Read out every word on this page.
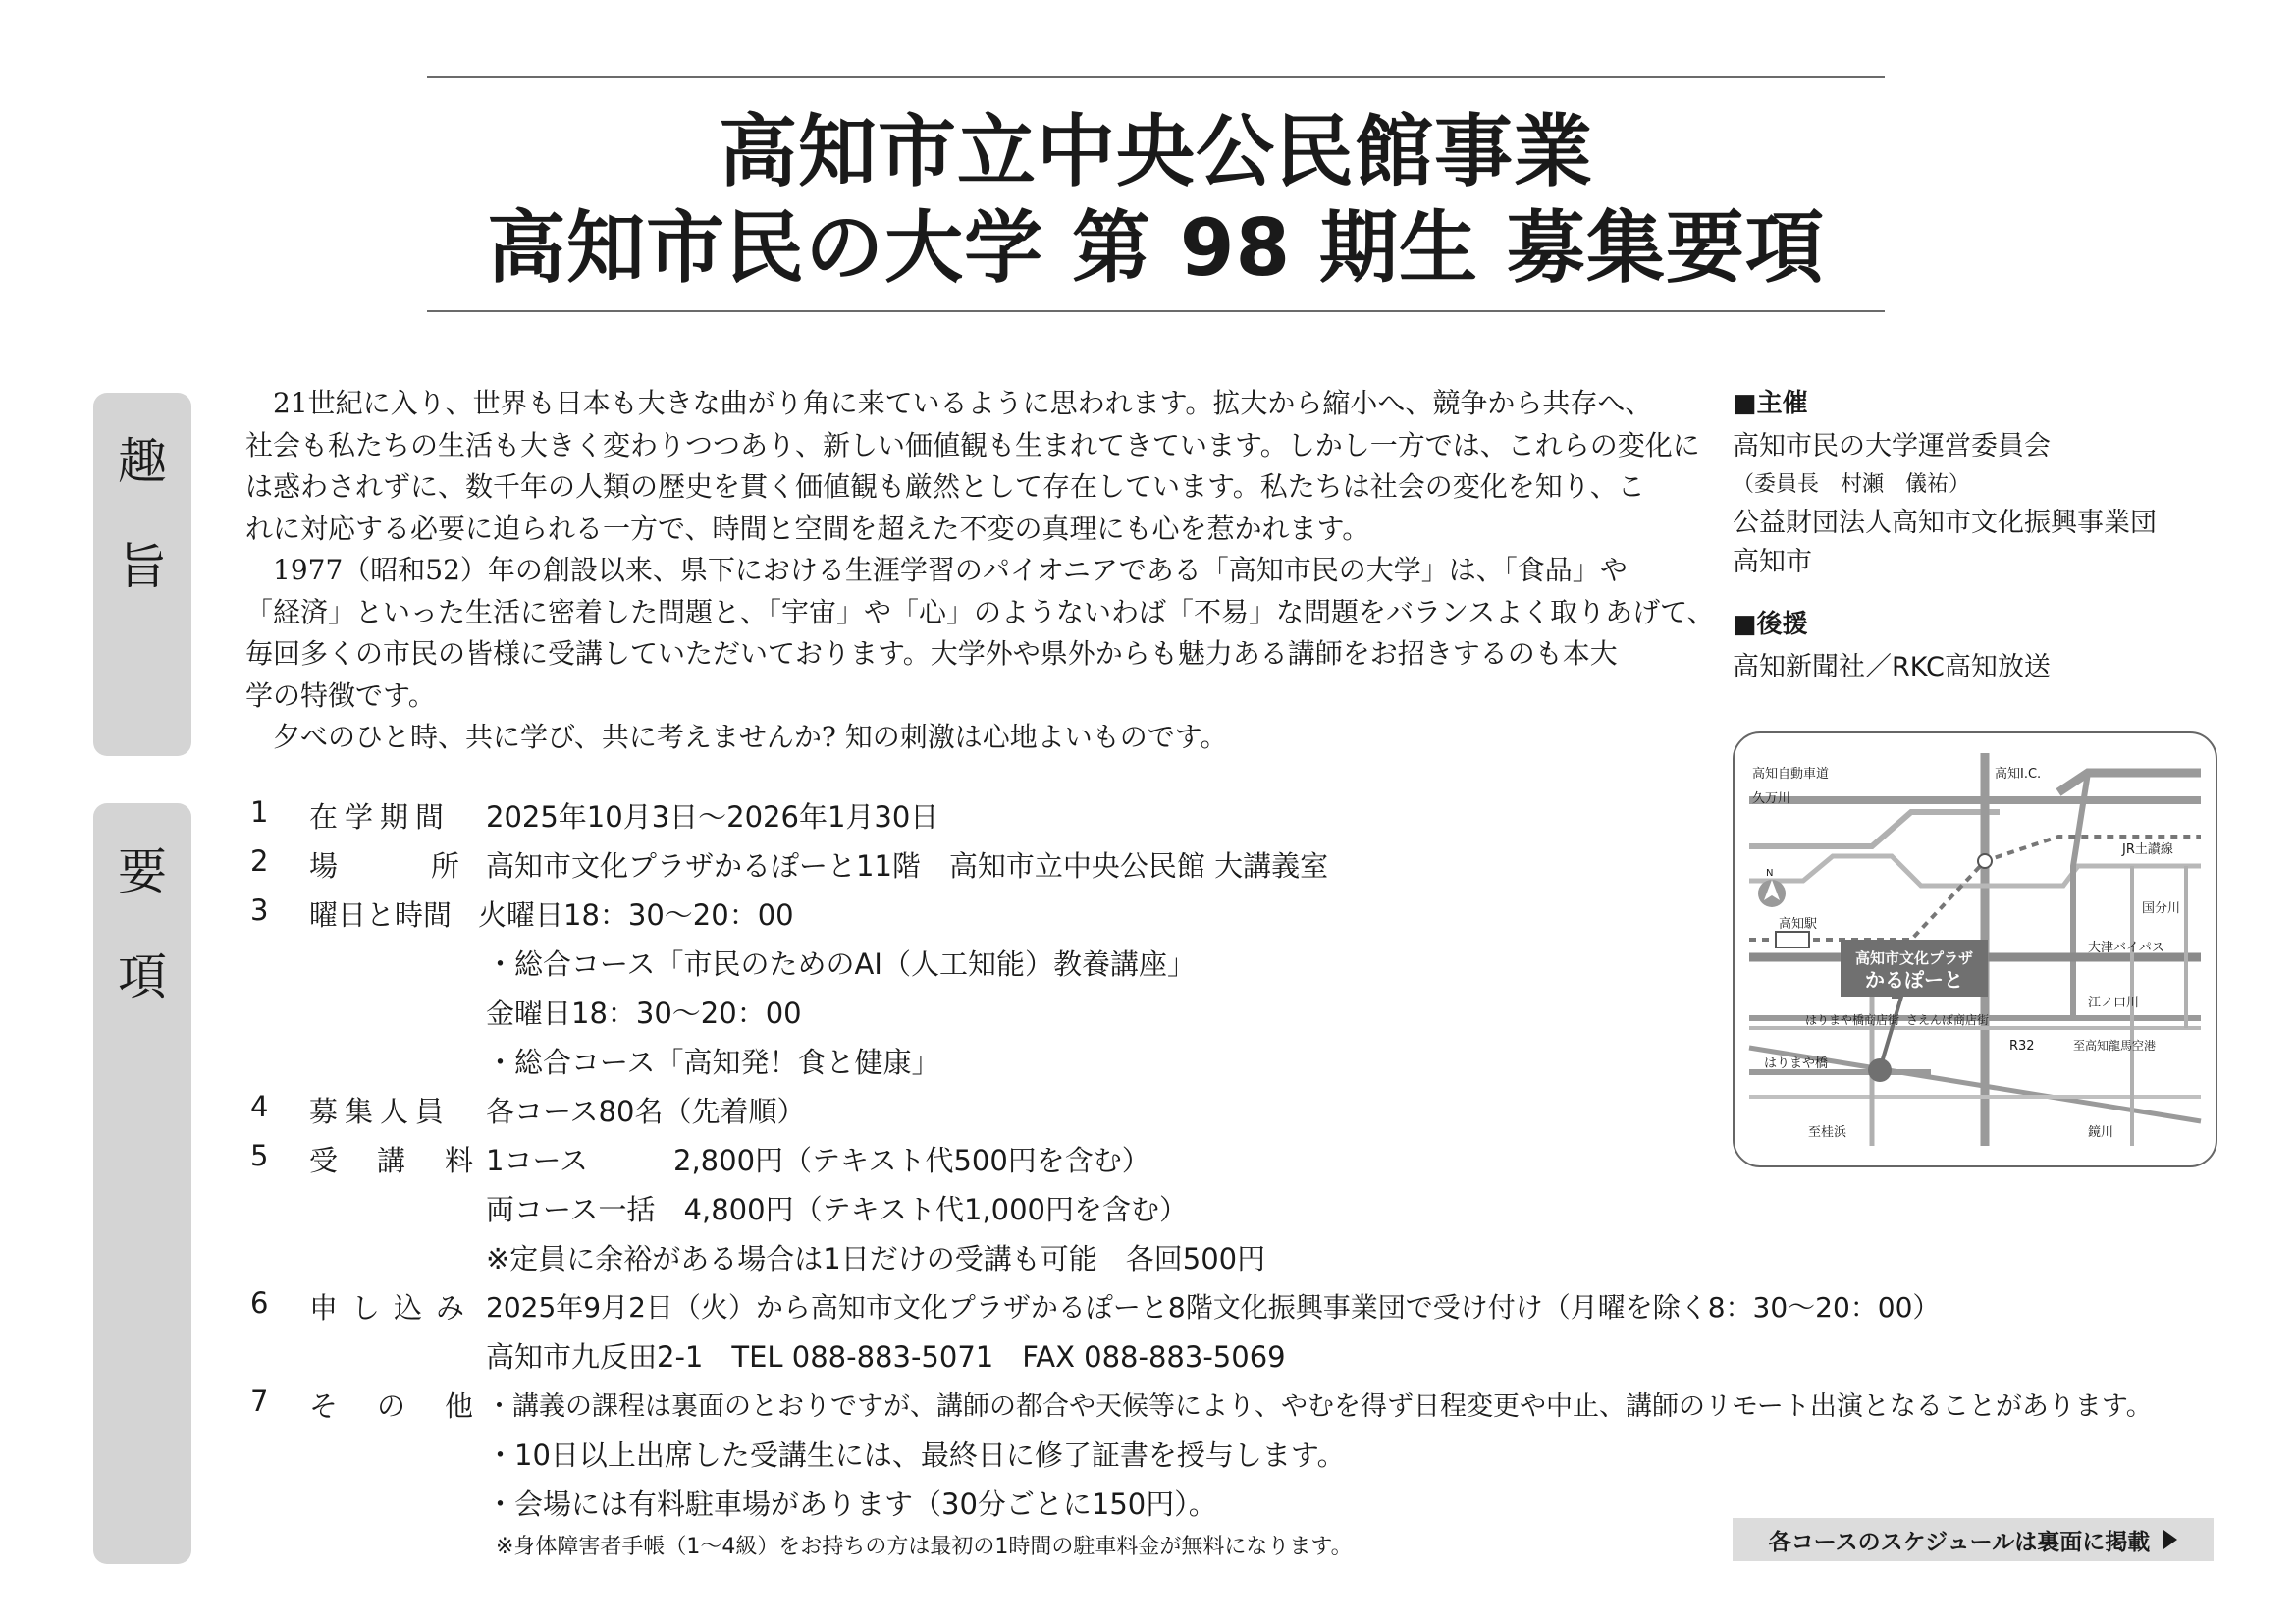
高知市立中央公民館事業
高知市民の大学 第 98 期生 募集要項
趣
旨
要
項

21世紀に入り、世界も日本も大きな曲がり角に来ているように思われます。拡大から縮小へ、競争から共存へ、

社会も私たちの生活も大きく変わりつつあり、新しい価値観も生まれてきています。しかし一方では、これらの変化に

は惑わされずに、数千年の人類の歴史を貫く価値観も厳然として存在しています。私たちは社会の変化を知り、こ

れに対応する必要に迫られる一方で、時間と空間を超えた不変の真理にも心を惹かれます。

1977（昭和52）年の創設以来、県下における生涯学習のパイオニアである「高知市民の大学」は、「食品」や

「経済」といった生活に密着した問題と、「宇宙」や「心」のようないわば「不易」な問題をバランスよく取りあげて、

毎回多くの市民の皆様に受講していただいております。大学外や県外からも魅力ある講師をお招きするのも本大

学の特徴です。

夕べのひと時、共に学び、共に考えませんか? 知の刺激は心地よいものです。

■主催
高知市民の大学運営委員会
（委員長　村瀬　儀祐）
公益財団法人高知市文化振興事業団
高知市
■後援
高知新聞社／RKC高知放送
高知自動車道
久万川
高知I.C.
JR土讃線
N
国分川
高知駅
大津バイパス
江ノ口川
はりまや橋商店街 さえんば商店街
R32	至高知龍馬空港
はりまや橋
至桂浜	鏡川
高知市文化プラザ
かるぽーと
1	在学期間 2025年10月3日～2026年1月30日
2	場所
高知市文化プラザかるぽーと11階　高知市立中央公民館 大講義室
3	曜日と時間 火曜日18：30～20：00
・総合コース「市民のためのAI（人工知能）教養講座」
金曜日18：30～20：00
・総合コース「高知発！食と健康」
4	募集人員 各コース80名（先着順）
5	受講料
1コース　　　2,800円（テキスト代500円を含む）
両コース一括　4,800円（テキスト代1,000円を含む）
※定員に余裕がある場合は1日だけの受講も可能　各回500円
6	申し込み 2025年9月2日（火）から高知市文化プラザかるぽーと8階文化振興事業団で受け付け（月曜を除く8：30～20：00）
高知市九反田2-1　TEL 088-883-5071　FAX 088-883-5069
7	その他
・講義の課程は裏面のとおりですが、講師の都合や天候等により、やむを得ず日程変更や中止、講師のリモート出演となることがあります。
・10日以上出席した受講生には、最終日に修了証書を授与します。
・会場には有料駐車場があります（30分ごとに150円）。
※身体障害者手帳（1～4級）をお持ちの方は最初の1時間の駐車料金が無料になります。	各コースのスケジュールは裏面に掲載
